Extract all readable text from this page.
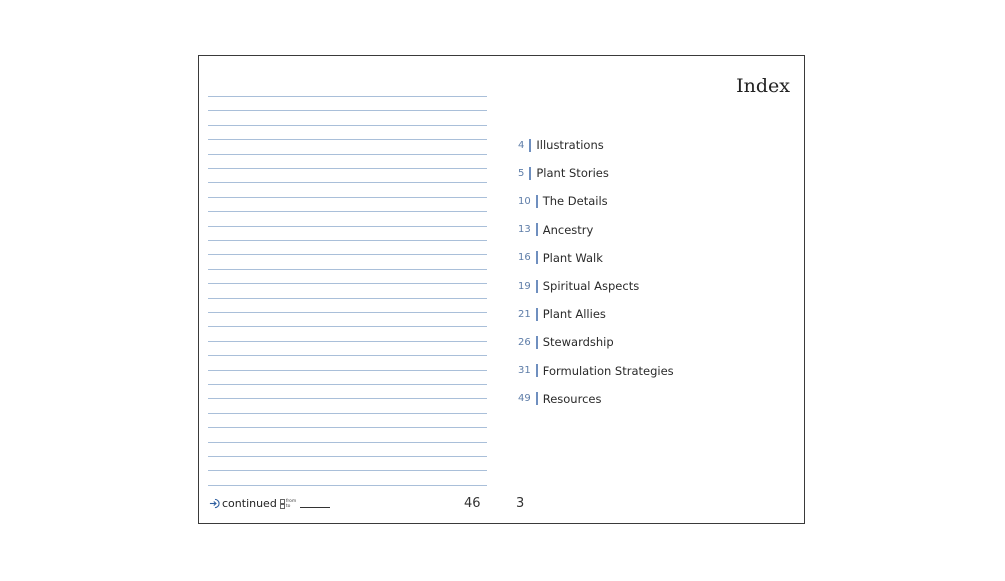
continued from
to	46
Index
4 Illustrations
5 Plant Stories
10 The Details
13 Ancestry
16 Plant Walk
19 Spiritual Aspects
21 Plant Allies
26 Stewardship
31 Formulation Strategies
49 Resources
3
